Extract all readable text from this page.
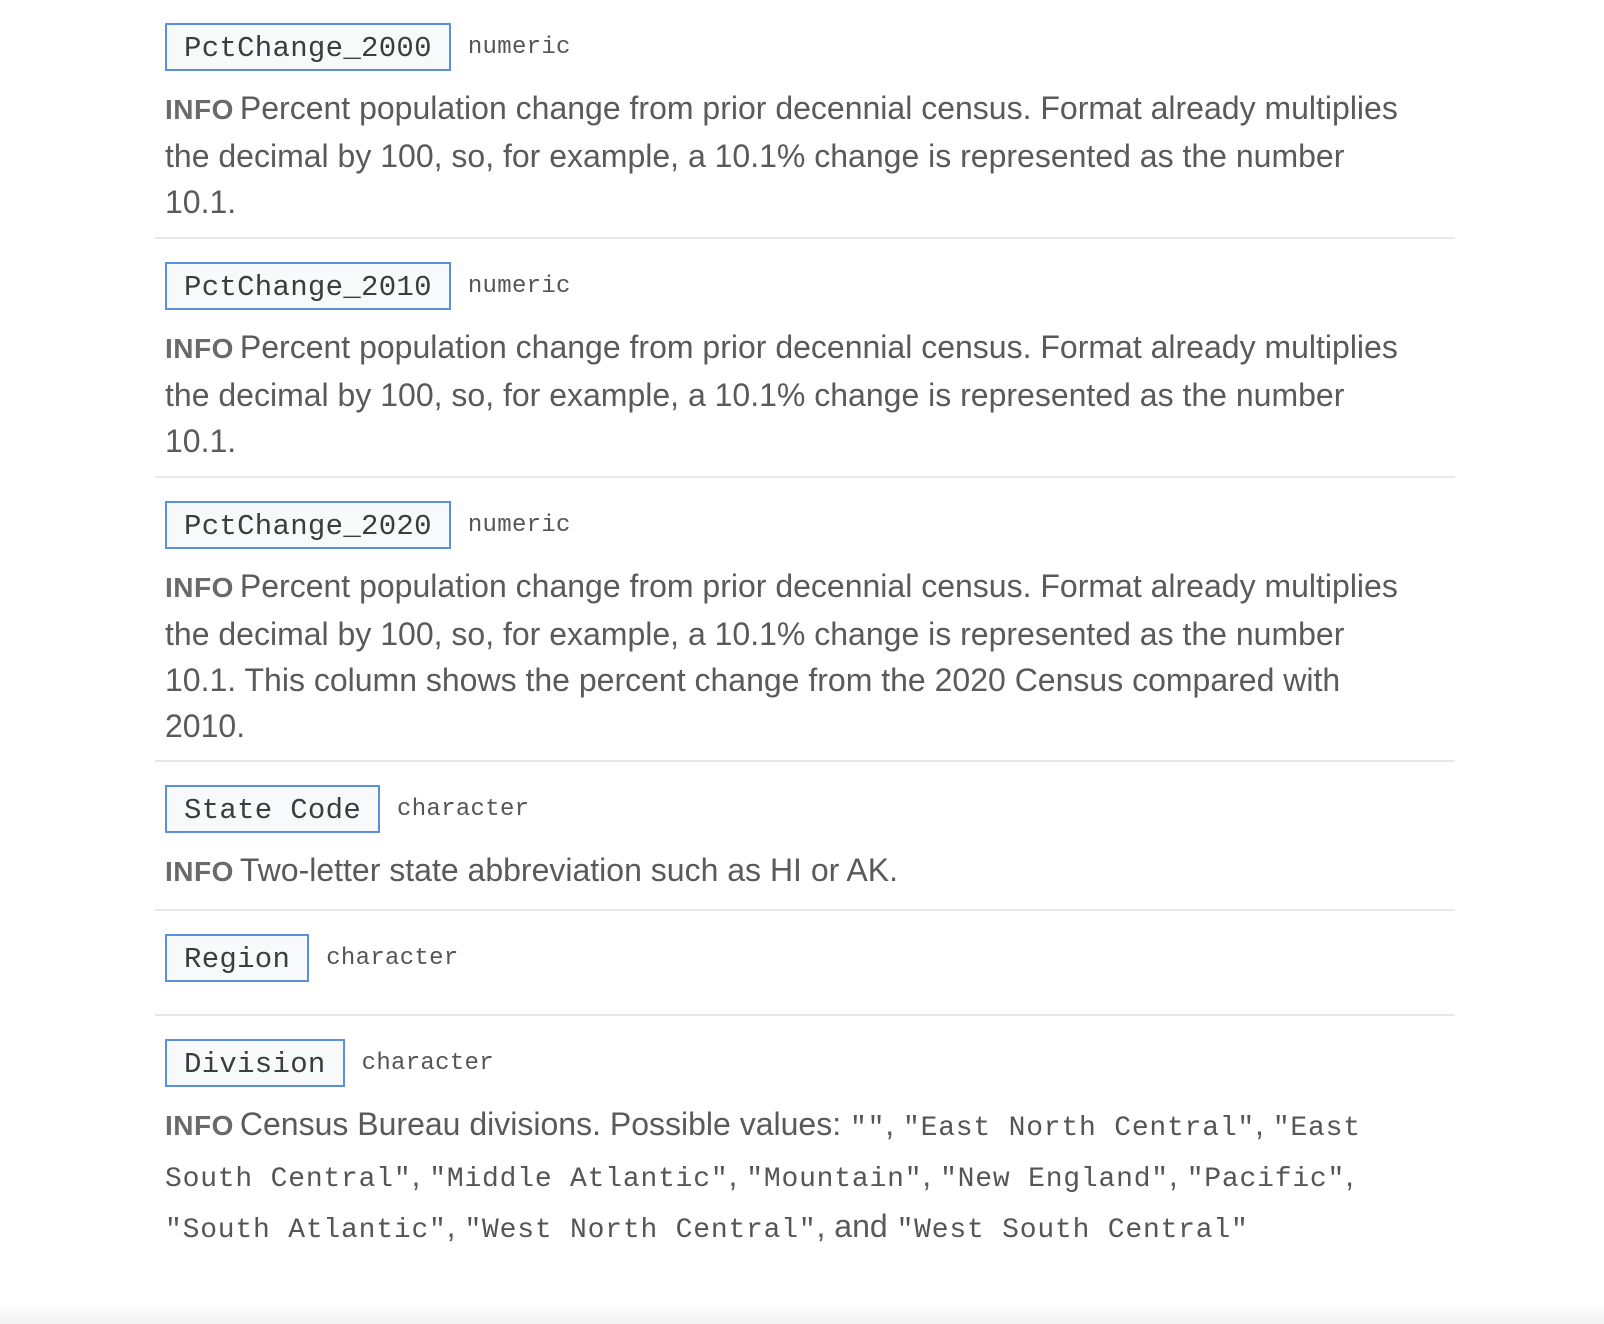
PctChange_2000	numeric

INFO Percent population change from prior decennial census. Format already multiplies the decimal by 100, so, for example, a 10.1% change is represented as the number 10.1.

PctChange_2010	numeric

INFO Percent population change from prior decennial census. Format already multiplies the decimal by 100, so, for example, a 10.1% change is represented as the number 10.1.

PctChange_2020	numeric

INFO Percent population change from prior decennial census. Format already multiplies the decimal by 100, so, for example, a 10.1% change is represented as the number 10.1. This column shows the percent change from the 2020 Census compared with 2010.

State Code	character

INFO Two-letter state abbreviation such as HI or AK.

Region	character
Division	character

INFO Census Bureau divisions. Possible values: "", "East North Central", "East South Central", "Middle Atlantic", "Mountain", "New England", "Pacific", "South Atlantic", "West North Central", and "West South Central"
